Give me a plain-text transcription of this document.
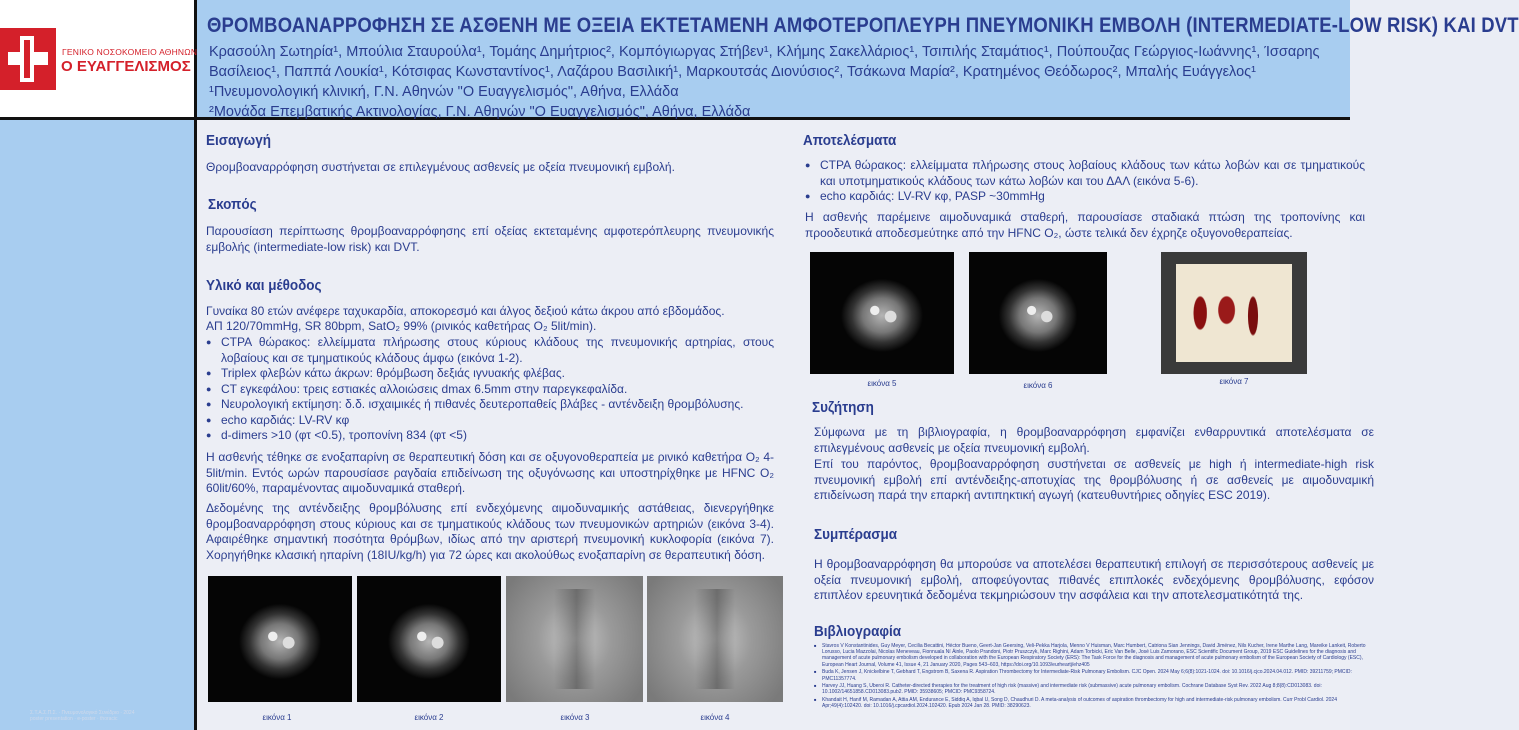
ΓΕΝΙΚΟ ΝΟΣΟΚΟΜΕΙΟ ΑΘΗΝΩΝ
Ο ΕΥΑΓΓΕΛΙΣΜΟΣ
ΘΡΟΜΒΟΑΝΑΡΡΟΦΗΣΗ ΣΕ ΑΣΘΕΝΗ ΜΕ ΟΞΕΙΑ ΕΚΤΕΤΑΜΕΝΗ ΑΜΦΟΤΕΡΟΠΛΕΥΡΗ ΠΝΕΥΜΟΝΙΚΗ ΕΜΒΟΛΗ (INTERMEDIATE-LOW RISK) ΚΑΙ DVT
Κρασούλη Σωτηρία¹, Μπούλια Σταυρούλα¹, Τομάης Δημήτριος², Κομπόγιωργας Στήβεν¹, Κλήμης Σακελλάριος¹, Τσιπιλής Σταμάτιος¹, Πούπουζας Γεώργιος-Ιωάννης¹, Ίσσαρης
Βασίλειος¹, Παππά Λουκία¹, Κότσιφας Κωνσταντίνος¹, Λαζάρου Βασιλική¹, Μαρκουτσάς Διονύσιος², Τσάκωνα Μαρία², Κρατημένος Θεόδωρος², Μπαλής Ευάγγελος¹
¹Πνευμονολογική κλινική, Γ.Ν. Αθηνών "Ο Ευαγγελισμός", Αθήνα, Ελλάδα
²Μονάδα Επεμβατικής Ακτινολογίας, Γ.Ν. Αθηνών "Ο Ευαγγελισμός", Αθήνα, Ελλάδα
Σ.Τ.Α.Σ.Π.Σ. · Πνευμονολογικό Συνέδριο · 2024
poster presentation · e-poster · thoracic
Εισαγωγή

Θρομβοαναρρόφηση συστήνεται σε επιλεγμένους ασθενείς με οξεία πνευμονική εμβολή.

Σκοπός

Παρουσίαση περίπτωσης θρομβοαναρρόφησης επί οξείας εκτεταμένης αμφοτερόπλευρης πνευμονικής εμβολής (intermediate-low risk) και DVT.

Υλικό και μέθοδος

Γυναίκα 80 ετών ανέφερε ταχυκαρδία, αποκορεσμό και άλγος δεξιού κάτω άκρου από εβδομάδος.

ΑΠ 120/70mmHg, SR 80bpm, SatO₂ 99% (ρινικός καθετήρας O₂ 5lit/min).

● CTPA θώρακος: ελλείμματα πλήρωσης στους κύριους κλάδους της πνευμονικής αρτηρίας, στους λοβαίους και σε τμηματικούς κλάδους άμφω (εικόνα 1-2).
● Triplex φλεβών κάτω άκρων: θρόμβωση δεξιάς ιγνυακής φλέβας.
● CT εγκεφάλου: τρεις εστιακές αλλοιώσεις dmax 6.5mm στην παρεγκεφαλίδα.
● Νευρολογική εκτίμηση: δ.δ. ισχαιμικές ή πιθανές δευτεροπαθείς βλάβες - αντένδειξη θρομβόλυσης.
● echo καρδιάς: LV-RV κφ
● d-dimers >10 (φτ <0.5), τροπονίνη 834 (φτ <5)

Η ασθενής τέθηκε σε ενοξαπαρίνη σε θεραπευτική δόση και σε οξυγονοθεραπεία με ρινικό καθετήρα O₂ 4-5lit/min. Εντός ωρών παρουσίασε ραγδαία επιδείνωση της οξυγόνωσης και υποστηρίχθηκε με HFNC O₂ 60lit/60%, παραμένοντας αιμοδυναμικά σταθερή.

Δεδομένης της αντένδειξης θρομβόλυσης επί ενδεχόμενης αιμοδυναμικής αστάθειας, διενεργήθηκε θρομβοαναρρόφηση στους κύριους και σε τμηματικούς κλάδους των πνευμονικών αρτηριών (εικόνα 3-4). Αφαιρέθηκε σημαντική ποσότητα θρόμβων, ιδίως από την αριστερή πνευμονική κυκλοφορία (εικόνα 7). Χορηγήθηκε κλασική ηπαρίνη (18IU/kg/h) για 72 ώρες και ακολούθως ενοξαπαρίνη σε θεραπευτική δόση.

εικόνα 1	εικόνα 2	εικόνα 3	εικόνα 4
Αποτελέσματα
● CTPA θώρακος: ελλείμματα πλήρωσης στους λοβαίους κλάδους των κάτω λοβών και σε τμηματικούς και υποτμηματικούς κλάδους των κάτω λοβών και του ΔΑΛ (εικόνα 5-6).
● echo καρδιάς: LV-RV κφ, PASP ~30mmHg

Η ασθενής παρέμεινε αιμοδυναμικά σταθερή, παρουσίασε σταδιακά πτώση της τροπονίνης και προοδευτικά αποδεσμεύτηκε από την HFNC O₂, ώστε τελικά δεν έχρηζε οξυγονοθεραπείας.

εικόνα 5	εικόνα 6	εικόνα 7
Συζήτηση

Σύμφωνα με τη βιβλιογραφία, η θρομβοαναρρόφηση εμφανίζει ενθαρρυντικά αποτελέσματα σε επιλεγμένους ασθενείς με οξεία πνευμονική εμβολή.

Επί του παρόντος, θρομβοαναρρόφηση συστήνεται σε ασθενείς με high ή intermediate-high risk πνευμονική εμβολή επί αντένδειξης-αποτυχίας της θρομβόλυσης ή σε ασθενείς με αιμοδυναμική επιδείνωση παρά την επαρκή αντιπηκτική αγωγή (κατευθυντήριες οδηγίες ESC 2019).

Συμπέρασμα

Η θρομβοαναρρόφηση θα μπορούσε να αποτελέσει θεραπευτική επιλογή σε περισσότερους ασθενείς με οξεία πνευμονική εμβολή, αποφεύγοντας πιθανές επιπλοκές ενδεχόμενης θρομβόλυσης, εφόσον επιπλέον ερευνητικά δεδομένα τεκμηριώσουν την ασφάλεια και την αποτελεσματικότητά της.

Βιβλιογραφία
■ Stavros V Konstantinides, Guy Meyer, Cecilia Becattini, Héctor Bueno, Geert-Jan Geersing, Veli-Pekka Harjola, Menno V Huisman, Marc Humbert, Catriona Sian Jennings, David Jiménez, Nils Kucher, Irene Marthe Lang, Mareike Lankeit, Roberto Lorusso, Lucia Mazzolai, Nicolas Meneveau, Fionnuala Ní Áinle, Paolo Prandoni, Piotr Pruszczyk, Marc Righini, Adam Torbicki, Eric Van Belle, José Luis Zamorano, ESC Scientific Document Group, 2019 ESC Guidelines for the diagnosis and management of acute pulmonary embolism developed in collaboration with the European Respiratory Society (ERS): The Task Force for the diagnosis and management of acute pulmonary embolism of the European Society of Cardiology (ESC), European Heart Journal, Volume 41, Issue 4, 21 January 2020, Pages 543–603, https://doi.org/10.1093/eurheartj/ehz405
■ Buda K, Jensen J, Knickelbine T, Gebhard T, Engstrom B, Saxena R. Aspiration Thrombectomy for Intermediate-Risk Pulmonary Embolism. CJC Open. 2024 May 6;6(8):1021-1024. doi: 10.1016/j.cjco.2024.04.012. PMID: 39211759; PMCID: PMC11357774.
■ Harvey JJ, Huang S, Uberoi R. Catheter-directed therapies for the treatment of high risk (massive) and intermediate risk (submassive) acute pulmonary embolism. Cochrane Database Syst Rev. 2022 Aug 8;8(8):CD013083. doi: 10.1002/14651858.CD013083.pub2. PMID: 35938605; PMCID: PMC9358724.
■ Khandait H, Hanif M, Ramadan A, Attia AM, Endurance E, Siddiq A, Iqbal U, Song D, Chaudhuri D. A meta-analysis of outcomes of aspiration thrombectomy for high and intermediate-risk pulmonary embolism. Curr Probl Cardiol. 2024 Apr;49(4):102420. doi: 10.1016/j.cpcardiol.2024.102420. Epub 2024 Jan 28. PMID: 38290623.
